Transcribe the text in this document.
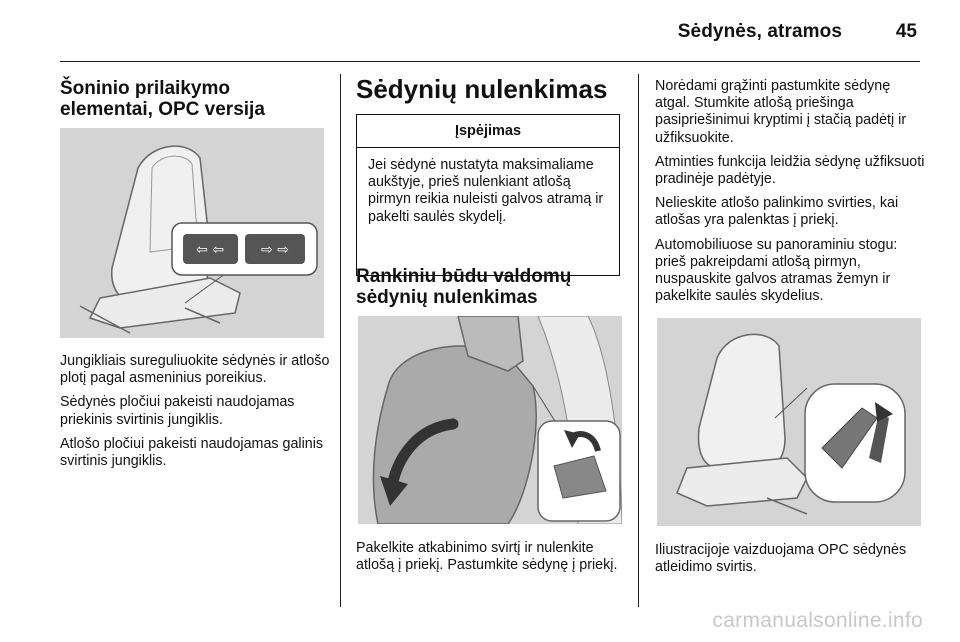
Sėdynės, atramos	45
Šoninio prilaikymo elementai, OPC versija
⇦ ⇦	⇨ ⇨

Jungikliais sureguliuokite sėdynės ir atlošo plotį pagal asmeninius poreikius.

Sėdynės pločiui pakeisti naudojamas priekinis svirtinis jungiklis.

Atlošo pločiui pakeisti naudojamas galinis svirtinis jungiklis.

Sėdynių nulenkimas
Įspėjimas
Jei sėdynė nustatyta maksimaliame aukštyje, prieš nulenkiant atlošą pirmyn reikia nuleisti galvos atramą ir pakelti saulės skydelį.
Rankiniu būdu valdomų sėdynių nulenkimas

Pakelkite atkabinimo svirtį ir nulenkite atlošą į priekį. Pastumkite sėdynę į priekį.

Norėdami grąžinti pastumkite sėdynę atgal. Stumkite atlošą priešinga pasipriešinimui kryptimi į stačią padėtį ir užfiksuokite.

Atminties funkcija leidžia sėdynę užfiksuoti pradinėje padėtyje.

Nelieskite atlošo palinkimo svirties, kai atlošas yra palenktas į priekį.

Automobiliuose su panoraminiu stogu: prieš pakreipdami atlošą pirmyn, nuspauskite galvos atramas žemyn ir pakelkite saulės skydelius.

Iliustracijoje vaizduojama OPC sėdynės atleidimo svirtis.

carmanualsonline.info
